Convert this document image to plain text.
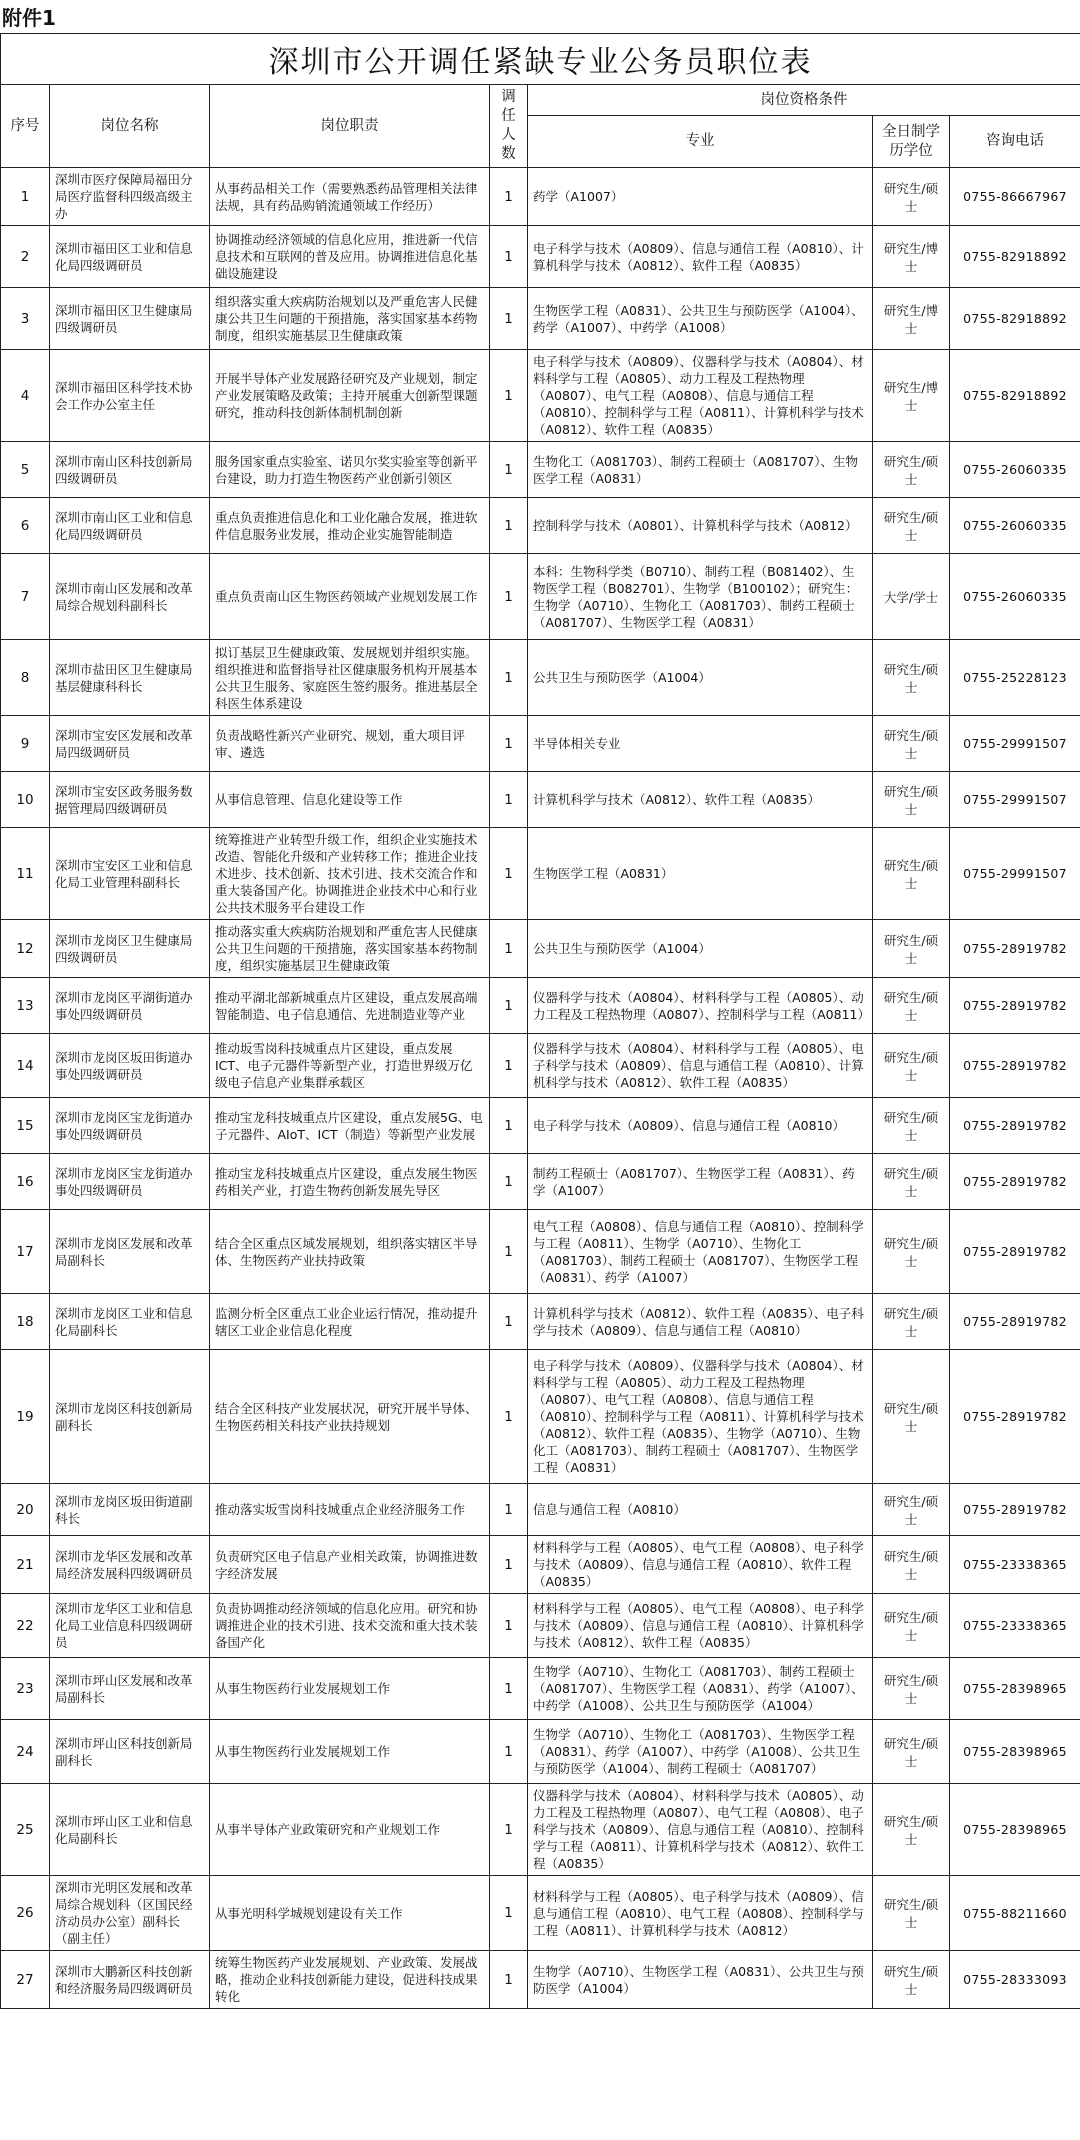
附件1
深圳市公开调任紧缺专业公务员职位表						
序号	岗位名称	岗位职责	调任人数	岗位资格条件		
				专业	全日制学历学位	咨询电话
1	深圳市医疗保障局福田分局医疗监督科四级高级主办	从事药品相关工作（需要熟悉药品管理相关法律法规，具有药品购销流通领域工作经历）	1	药学（A1007）	研究生/硕士	0755-86667967
2	深圳市福田区工业和信息化局四级调研员	协调推动经济领域的信息化应用，推进新一代信息技术和互联网的普及应用。协调推进信息化基础设施建设	1	电子科学与技术（A0809）、信息与通信工程（A0810）、计算机科学与技术（A0812）、软件工程（A0835）	研究生/博士	0755-82918892
3	深圳市福田区卫生健康局四级调研员	组织落实重大疾病防治规划以及严重危害人民健康公共卫生问题的干预措施，落实国家基本药物制度，组织实施基层卫生健康政策	1	生物医学工程（A0831）、公共卫生与预防医学（A1004）、药学（A1007）、中药学（A1008）	研究生/博士	0755-82918892
4	深圳市福田区科学技术协会工作办公室主任	开展半导体产业发展路径研究及产业规划，制定产业发展策略及政策；主持开展重大创新型课题研究，推动科技创新体制机制创新	1	电子科学与技术（A0809）、仪器科学与技术（A0804）、材料科学与工程（A0805）、动力工程及工程热物理（A0807）、电气工程（A0808）、信息与通信工程（A0810）、控制科学与工程（A0811）、计算机科学与技术（A0812）、软件工程（A0835）	研究生/博士	0755-82918892
5	深圳市南山区科技创新局四级调研员	服务国家重点实验室、诺贝尔奖实验室等创新平台建设，助力打造生物医药产业创新引领区	1	生物化工（A081703）、制药工程硕士（A081707）、生物医学工程（A0831）	研究生/硕士	0755-26060335
6	深圳市南山区工业和信息化局四级调研员	重点负责推进信息化和工业化融合发展，推进软件信息服务业发展，推动企业实施智能制造	1	控制科学与技术（A0801）、计算机科学与技术（A0812）	研究生/硕士	0755-26060335
7	深圳市南山区发展和改革局综合规划科副科长	重点负责南山区生物医药领域产业规划发展工作	1	本科：生物科学类（B0710）、制药工程（B081402）、生物医学工程（B082701）、生物学（B100102）；研究生：生物学（A0710）、生物化工（A081703）、制药工程硕士（A081707）、生物医学工程（A0831）	大学/学士	0755-26060335
8	深圳市盐田区卫生健康局基层健康科科长	拟订基层卫生健康政策、发展规划并组织实施。组织推进和监督指导社区健康服务机构开展基本公共卫生服务、家庭医生签约服务。推进基层全科医生体系建设	1	公共卫生与预防医学（A1004）	研究生/硕士	0755-25228123
9	深圳市宝安区发展和改革局四级调研员	负责战略性新兴产业研究、规划，重大项目评审、遴选	1	半导体相关专业	研究生/硕士	0755-29991507
10	深圳市宝安区政务服务数据管理局四级调研员	从事信息管理、信息化建设等工作	1	计算机科学与技术（A0812）、软件工程（A0835）	研究生/硕士	0755-29991507
11	深圳市宝安区工业和信息化局工业管理科副科长	统筹推进产业转型升级工作，组织企业实施技术改造、智能化升级和产业转移工作；推进企业技术进步、技术创新、技术引进、技术交流合作和重大装备国产化。协调推进企业技术中心和行业公共技术服务平台建设工作	1	生物医学工程（A0831）	研究生/硕士	0755-29991507
12	深圳市龙岗区卫生健康局四级调研员	推动落实重大疾病防治规划和严重危害人民健康公共卫生问题的干预措施，落实国家基本药物制度，组织实施基层卫生健康政策	1	公共卫生与预防医学（A1004）	研究生/硕士	0755-28919782
13	深圳市龙岗区平湖街道办事处四级调研员	推动平湖北部新城重点片区建设，重点发展高端智能制造、电子信息通信、先进制造业等产业	1	仪器科学与技术（A0804）、材料科学与工程（A0805）、动力工程及工程热物理（A0807）、控制科学与工程（A0811）	研究生/硕士	0755-28919782
14	深圳市龙岗区坂田街道办事处四级调研员	推动坂雪岗科技城重点片区建设，重点发展ICT、电子元器件等新型产业，打造世界级万亿级电子信息产业集群承载区	1	仪器科学与技术（A0804）、材料科学与工程（A0805）、电子科学与技术（A0809）、信息与通信工程（A0810）、计算机科学与技术（A0812）、软件工程（A0835）	研究生/硕士	0755-28919782
15	深圳市龙岗区宝龙街道办事处四级调研员	推动宝龙科技城重点片区建设，重点发展5G、电子元器件、AIoT、ICT（制造）等新型产业发展	1	电子科学与技术（A0809）、信息与通信工程（A0810）	研究生/硕士	0755-28919782
16	深圳市龙岗区宝龙街道办事处四级调研员	推动宝龙科技城重点片区建设，重点发展生物医药相关产业，打造生物药创新发展先导区	1	制药工程硕士（A081707）、生物医学工程（A0831）、药学（A1007）	研究生/硕士	0755-28919782
17	深圳市龙岗区发展和改革局副科长	结合全区重点区域发展规划，组织落实辖区半导体、生物医药产业扶持政策	1	电气工程（A0808）、信息与通信工程（A0810）、控制科学与工程（A0811）、生物学（A0710）、生物化工（A081703）、制药工程硕士（A081707）、生物医学工程（A0831）、药学（A1007）	研究生/硕士	0755-28919782
18	深圳市龙岗区工业和信息化局副科长	监测分析全区重点工业企业运行情况，推动提升辖区工业企业信息化程度	1	计算机科学与技术（A0812）、软件工程（A0835）、电子科学与技术（A0809）、信息与通信工程（A0810）	研究生/硕士	0755-28919782
19	深圳市龙岗区科技创新局副科长	结合全区科技产业发展状况，研究开展半导体、生物医药相关科技产业扶持规划	1	电子科学与技术（A0809）、仪器科学与技术（A0804）、材料科学与工程（A0805）、动力工程及工程热物理（A0807）、电气工程（A0808）、信息与通信工程（A0810）、控制科学与工程（A0811）、计算机科学与技术（A0812）、软件工程（A0835）、生物学（A0710）、生物化工（A081703）、制药工程硕士（A081707）、生物医学工程（A0831）	研究生/硕士	0755-28919782
20	深圳市龙岗区坂田街道副科长	推动落实坂雪岗科技城重点企业经济服务工作	1	信息与通信工程（A0810）	研究生/硕士	0755-28919782
21	深圳市龙华区发展和改革局经济发展科四级调研员	负责研究区电子信息产业相关政策，协调推进数字经济发展	1	材料科学与工程（A0805）、电气工程（A0808）、电子科学与技术（A0809）、信息与通信工程（A0810）、软件工程（A0835）	研究生/硕士	0755-23338365
22	深圳市龙华区工业和信息化局工业信息科四级调研员	负责协调推动经济领域的信息化应用。研究和协调推进企业的技术引进、技术交流和重大技术装备国产化	1	材料科学与工程（A0805）、电气工程（A0808）、电子科学与技术（A0809）、信息与通信工程（A0810）、计算机科学与技术（A0812）、软件工程（A0835）	研究生/硕士	0755-23338365
23	深圳市坪山区发展和改革局副科长	从事生物医药行业发展规划工作	1	生物学（A0710）、生物化工（A081703）、制药工程硕士（A081707）、生物医学工程（A0831）、药学（A1007）、中药学（A1008）、公共卫生与预防医学（A1004）	研究生/硕士	0755-28398965
24	深圳市坪山区科技创新局副科长	从事生物医药行业发展规划工作	1	生物学（A0710）、生物化工（A081703）、生物医学工程（A0831）、药学（A1007）、中药学（A1008）、公共卫生与预防医学（A1004）、制药工程硕士（A081707）	研究生/硕士	0755-28398965
25	深圳市坪山区工业和信息化局副科长	从事半导体产业政策研究和产业规划工作	1	仪器科学与技术（A0804）、材料科学与技术（A0805）、动力工程及工程热物理（A0807）、电气工程（A0808）、电子科学与技术（A0809）、信息与通信工程（A0810）、控制科学与工程（A0811）、计算机科学与技术（A0812）、软件工程（A0835）	研究生/硕士	0755-28398965
26	深圳市光明区发展和改革局综合规划科（区国民经济动员办公室）副科长（副主任）	从事光明科学城规划建设有关工作	1	材料科学与工程（A0805）、电子科学与技术（A0809）、信息与通信工程（A0810）、电气工程（A0808）、控制科学与工程（A0811）、计算机科学与技术（A0812）	研究生/硕士	0755-88211660
27	深圳市大鹏新区科技创新和经济服务局四级调研员	统筹生物医药产业发展规划、产业政策、发展战略，推动企业科技创新能力建设，促进科技成果转化	1	生物学（A0710）、生物医学工程（A0831）、公共卫生与预防医学（A1004）	研究生/硕士	0755-28333093
